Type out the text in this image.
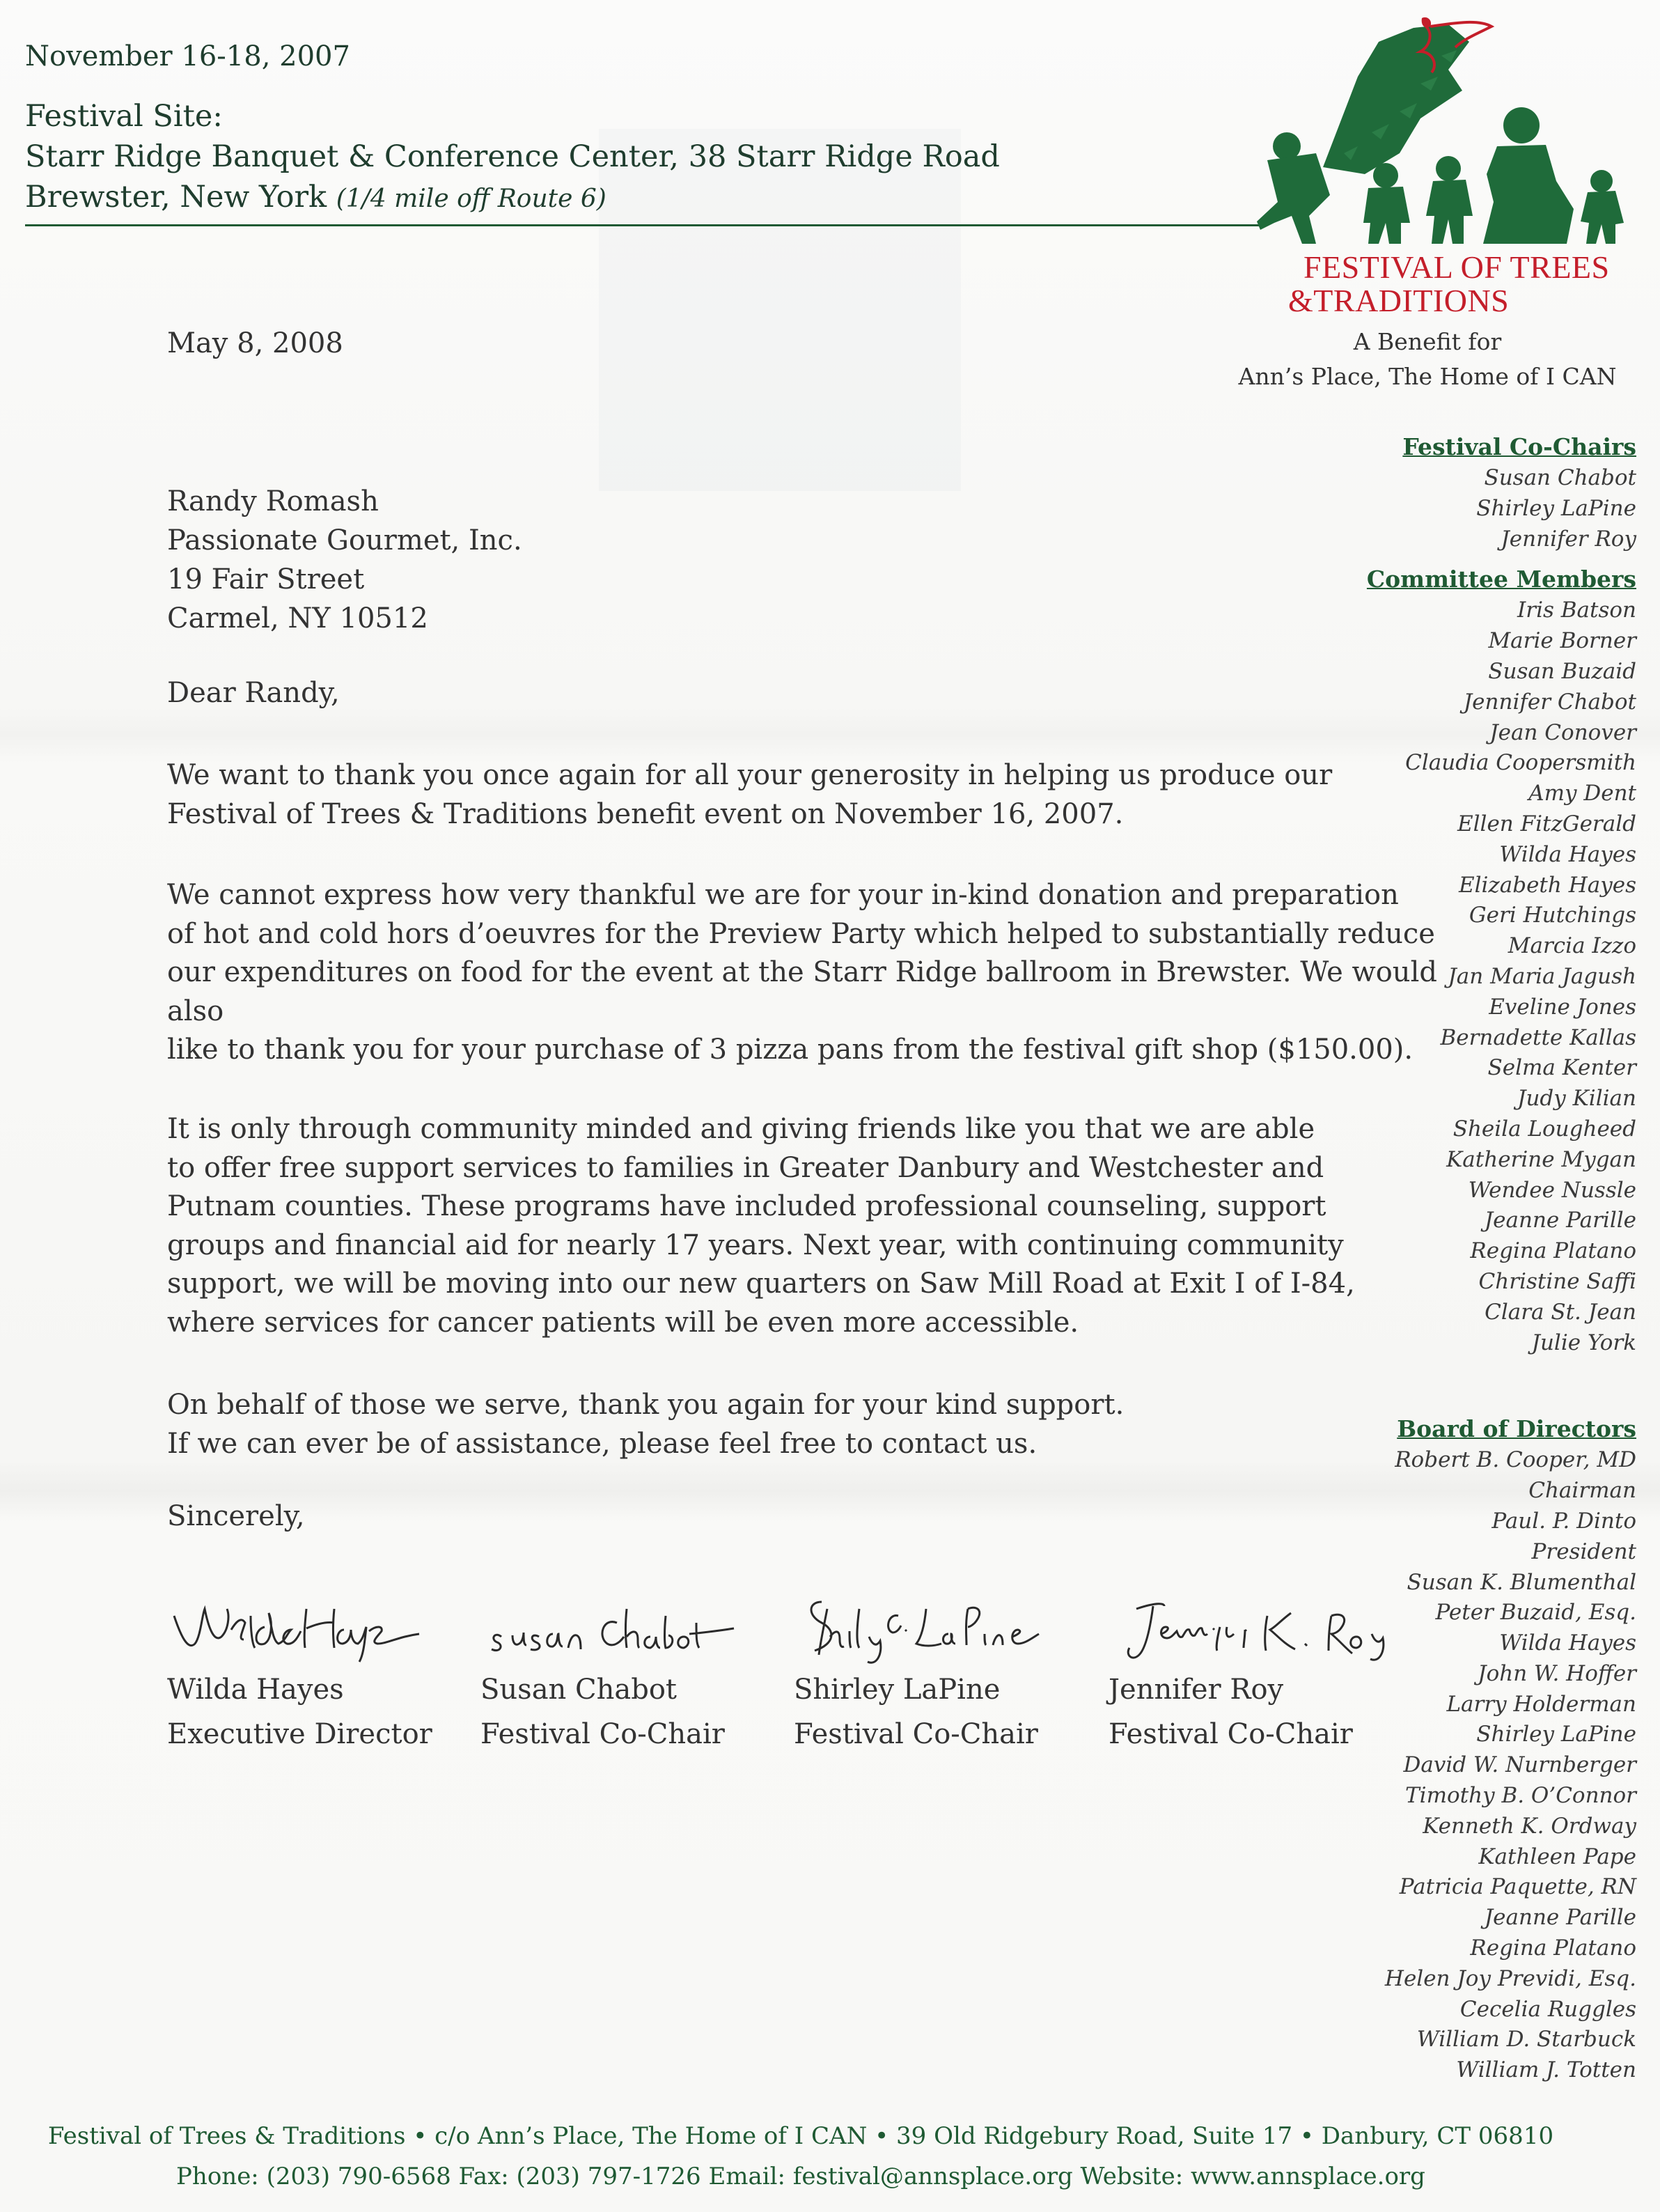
November 16-18, 2007
Festival Site:
Starr Ridge Banquet & Conference Center, 38 Starr Ridge Road
Brewster, New York (1/4 mile off Route 6)
FESTIVAL OF TREES
&TRADITIONS
A Benefit for
Ann’s Place, The Home of I CAN
Festival Co-Chairs
Susan Chabot
Shirley LaPine
Jennifer Roy
Committee Members
Iris Batson
Marie Borner
Susan Buzaid
Jennifer Chabot
Jean Conover
Claudia Coopersmith
Amy Dent
Ellen FitzGerald
Wilda Hayes
Elizabeth Hayes
Geri Hutchings
Marcia Izzo
Jan Maria Jagush
Eveline Jones
Bernadette Kallas
Selma Kenter
Judy Kilian
Sheila Lougheed
Katherine Mygan
Wendee Nussle
Jeanne Parille
Regina Platano
Christine Saffi
Clara St. Jean
Julie York
Board of Directors
Robert B. Cooper, MD
Chairman
Paul. P. Dinto
President
Susan K. Blumenthal
Peter Buzaid, Esq.
Wilda Hayes
John W. Hoffer
Larry Holderman
Shirley LaPine
David W. Nurnberger
Timothy B. O’Connor
Kenneth K. Ordway
Kathleen Pape
Patricia Paquette, RN
Jeanne Parille
Regina Platano
Helen Joy Previdi, Esq.
Cecelia Ruggles
William D. Starbuck
William J. Totten
May 8, 2008
Randy Romash
Passionate Gourmet, Inc.
19 Fair Street
Carmel, NY 10512
Dear Randy,
We want to thank you once again for all your generosity in helping us produce our
Festival of Trees & Traditions benefit event on November 16, 2007.
We cannot express how very thankful we are for your in-kind donation and preparation
of hot and cold hors d’oeuvres for the Preview Party which helped to substantially reduce
our expenditures on food for the event at the Starr Ridge ballroom in Brewster. We would
also
like to thank you for your purchase of 3 pizza pans from the festival gift shop ($150.00).
It is only through community minded and giving friends like you that we are able
to offer free support services to families in Greater Danbury and Westchester and
Putnam counties. These programs have included professional counseling, support
groups and financial aid for nearly 17 years. Next year, with continuing community
support, we will be moving into our new quarters on Saw Mill Road at Exit I of I-84,
where services for cancer patients will be even more accessible.
On behalf of those we serve, thank you again for your kind support.
If we can ever be of assistance, please feel free to contact us.
Sincerely,
Wilda Hayes
Executive Director
Susan Chabot
Festival Co-Chair
Shirley LaPine
Festival Co-Chair
Jennifer Roy
Festival Co-Chair
Festival of Trees & Traditions • c/o Ann’s Place, The Home of I CAN • 39 Old Ridgebury Road, Suite 17 • Danbury, CT 06810
Phone: (203) 790-6568 Fax: (203) 797-1726 Email: festival@annsplace.org Website: www.annsplace.org
